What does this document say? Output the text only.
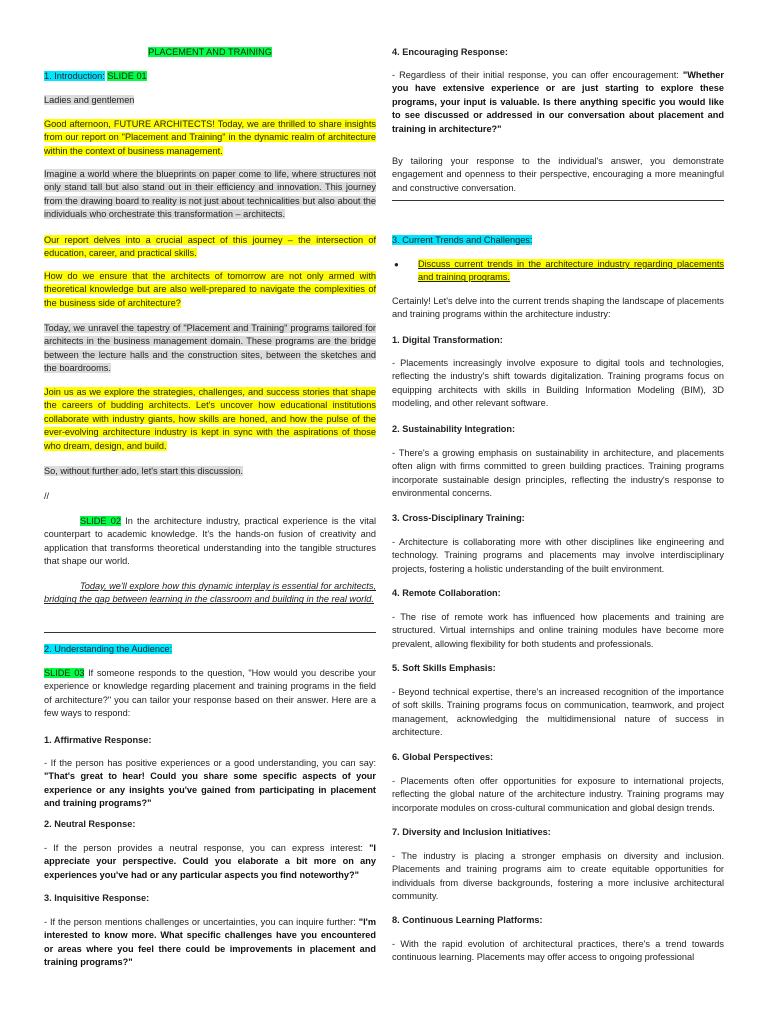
PLACEMENT AND TRAINING

1. Introduction: SLIDE 01

Ladies and gentlemen

Good afternoon, FUTURE ARCHITECTS! Today, we are thrilled to share insights from our report on "Placement and Training" in the dynamic realm of architecture within the context of business management.

Imagine a world where the blueprints on paper come to life, where structures not only stand tall but also stand out in their efficiency and innovation. This journey from the drawing board to reality is not just about technicalities but also about the individuals who orchestrate this transformation – architects.

Our report delves into a crucial aspect of this journey – the intersection of education, career, and practical skills.

How do we ensure that the architects of tomorrow are not only armed with theoretical knowledge but are also well-prepared to navigate the complexities of the business side of architecture?

Today, we unravel the tapestry of "Placement and Training" programs tailored for architects in the business management domain. These programs are the bridge between the lecture halls and the construction sites, between the sketches and the boardrooms.

Join us as we explore the strategies, challenges, and success stories that shape the careers of budding architects. Let's uncover how educational institutions collaborate with industry giants, how skills are honed, and how the pulse of the ever-evolving architecture industry is kept in sync with the aspirations of those who dream, design, and build.

So, without further ado, let's start this discussion.

//

SLIDE 02 In the architecture industry, practical experience is the vital counterpart to academic knowledge. It's the hands-on fusion of creativity and application that transforms theoretical understanding into the tangible structures that shape our world.

Today, we'll explore how this dynamic interplay is essential for architects, bridging the gap between learning in the classroom and building in the real world.

2. Understanding the Audience:

SLIDE 03 If someone responds to the question, "How would you describe your experience or knowledge regarding placement and training programs in the field of architecture?" you can tailor your response based on their answer. Here are a few ways to respond:

1. Affirmative Response:

- If the person has positive experiences or a good understanding, you can say: "That's great to hear! Could you share some specific aspects of your experience or any insights you've gained from participating in placement and training programs?"

2. Neutral Response:

- If the person provides a neutral response, you can express interest: "I appreciate your perspective. Could you elaborate a bit more on any experiences you've had or any particular aspects you find noteworthy?"

3. Inquisitive Response:

- If the person mentions challenges or uncertainties, you can inquire further: "I'm interested to know more. What specific challenges have you encountered or areas where you feel there could be improvements in placement and training programs?"

4. Encouraging Response:

- Regardless of their initial response, you can offer encouragement: "Whether you have extensive experience or are just starting to explore these programs, your input is valuable. Is there anything specific you would like to see discussed or addressed in our conversation about placement and training in architecture?"

By tailoring your response to the individual's answer, you demonstrate engagement and openness to their perspective, encouraging a more meaningful and constructive conversation.

3. Current Trends and Challenges:

● Discuss current trends in the architecture industry regarding placements and training programs.

Certainly! Let's delve into the current trends shaping the landscape of placements and training programs within the architecture industry:

1. Digital Transformation:

- Placements increasingly involve exposure to digital tools and technologies, reflecting the industry's shift towards digitalization. Training programs focus on equipping architects with skills in Building Information Modeling (BIM), 3D modeling, and other relevant software.

2. Sustainability Integration:

- There's a growing emphasis on sustainability in architecture, and placements often align with firms committed to green building practices. Training programs incorporate sustainable design principles, reflecting the industry's response to environmental concerns.

3. Cross-Disciplinary Training:

- Architecture is collaborating more with other disciplines like engineering and technology. Training programs and placements may involve interdisciplinary projects, fostering a holistic understanding of the built environment.

4. Remote Collaboration:

- The rise of remote work has influenced how placements and training are structured. Virtual internships and online training modules have become more prevalent, allowing flexibility for both students and professionals.

5. Soft Skills Emphasis:

- Beyond technical expertise, there's an increased recognition of the importance of soft skills. Training programs focus on communication, teamwork, and project management, acknowledging the multidimensional nature of success in architecture.

6. Global Perspectives:

- Placements often offer opportunities for exposure to international projects, reflecting the global nature of the architecture industry. Training programs may incorporate modules on cross-cultural communication and global design trends.

7. Diversity and Inclusion Initiatives:

- The industry is placing a stronger emphasis on diversity and inclusion. Placements and training programs aim to create equitable opportunities for individuals from diverse backgrounds, fostering a more inclusive architectural community.

8. Continuous Learning Platforms:

- With the rapid evolution of architectural practices, there's a trend towards continuous learning. Placements may offer access to ongoing professional
